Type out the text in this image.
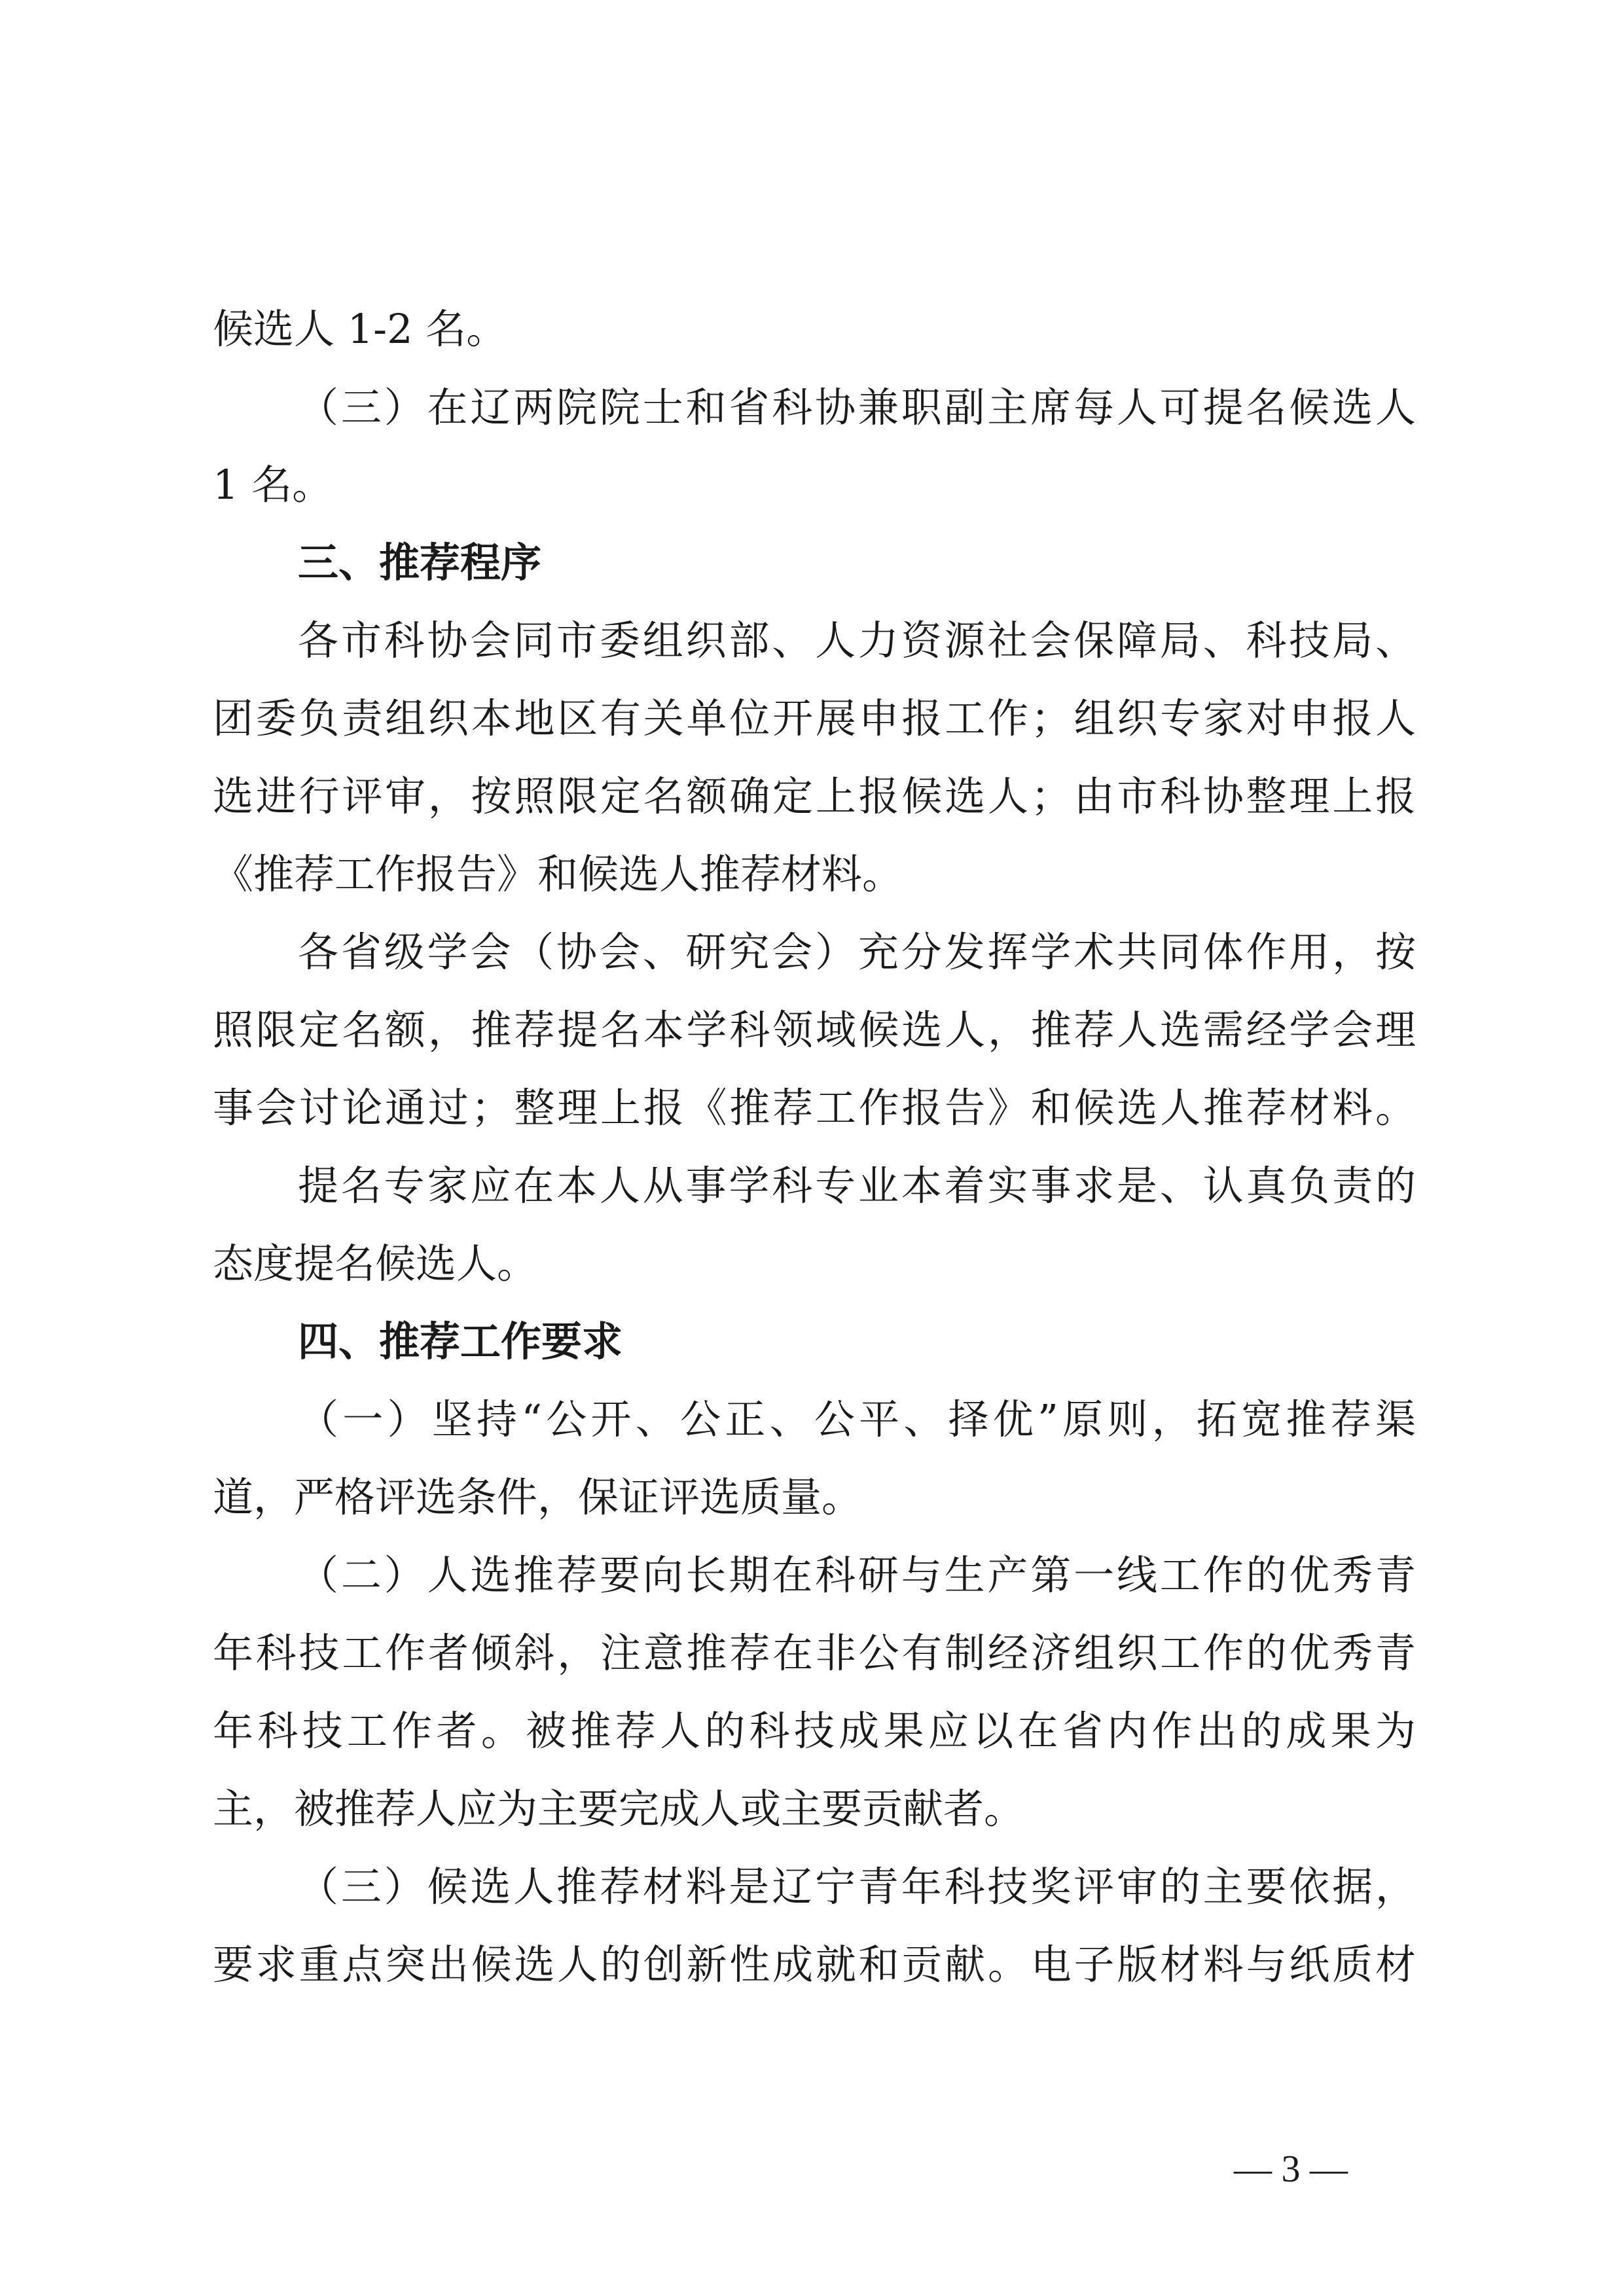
候选人 1-2 名。
（三）在辽两院院士和省科协兼职副主席每人可提名候选人
1 名。
三、推荐程序
各市科协会同市委组织部、人力资源社会保障局、科技局、
团委负责组织本地区有关单位开展申报工作；组织专家对申报人
选进行评审，按照限定名额确定上报候选人；由市科协整理上报
《推荐工作报告》和候选人推荐材料。
各省级学会（协会、研究会）充分发挥学术共同体作用，按
照限定名额，推荐提名本学科领域候选人，推荐人选需经学会理
事会讨论通过；整理上报《推荐工作报告》和候选人推荐材料。
提名专家应在本人从事学科专业本着实事求是、认真负责的
态度提名候选人。
四、推荐工作要求
（一）坚持“公开、公正、公平、择优”原则，拓宽推荐渠
道，严格评选条件，保证评选质量。
（二）人选推荐要向长期在科研与生产第一线工作的优秀青
年科技工作者倾斜，注意推荐在非公有制经济组织工作的优秀青
年科技工作者。被推荐人的科技成果应以在省内作出的成果为
主，被推荐人应为主要完成人或主要贡献者。
（三）候选人推荐材料是辽宁青年科技奖评审的主要依据，
要求重点突出候选人的创新性成就和贡献。电子版材料与纸质材
— 3 —
